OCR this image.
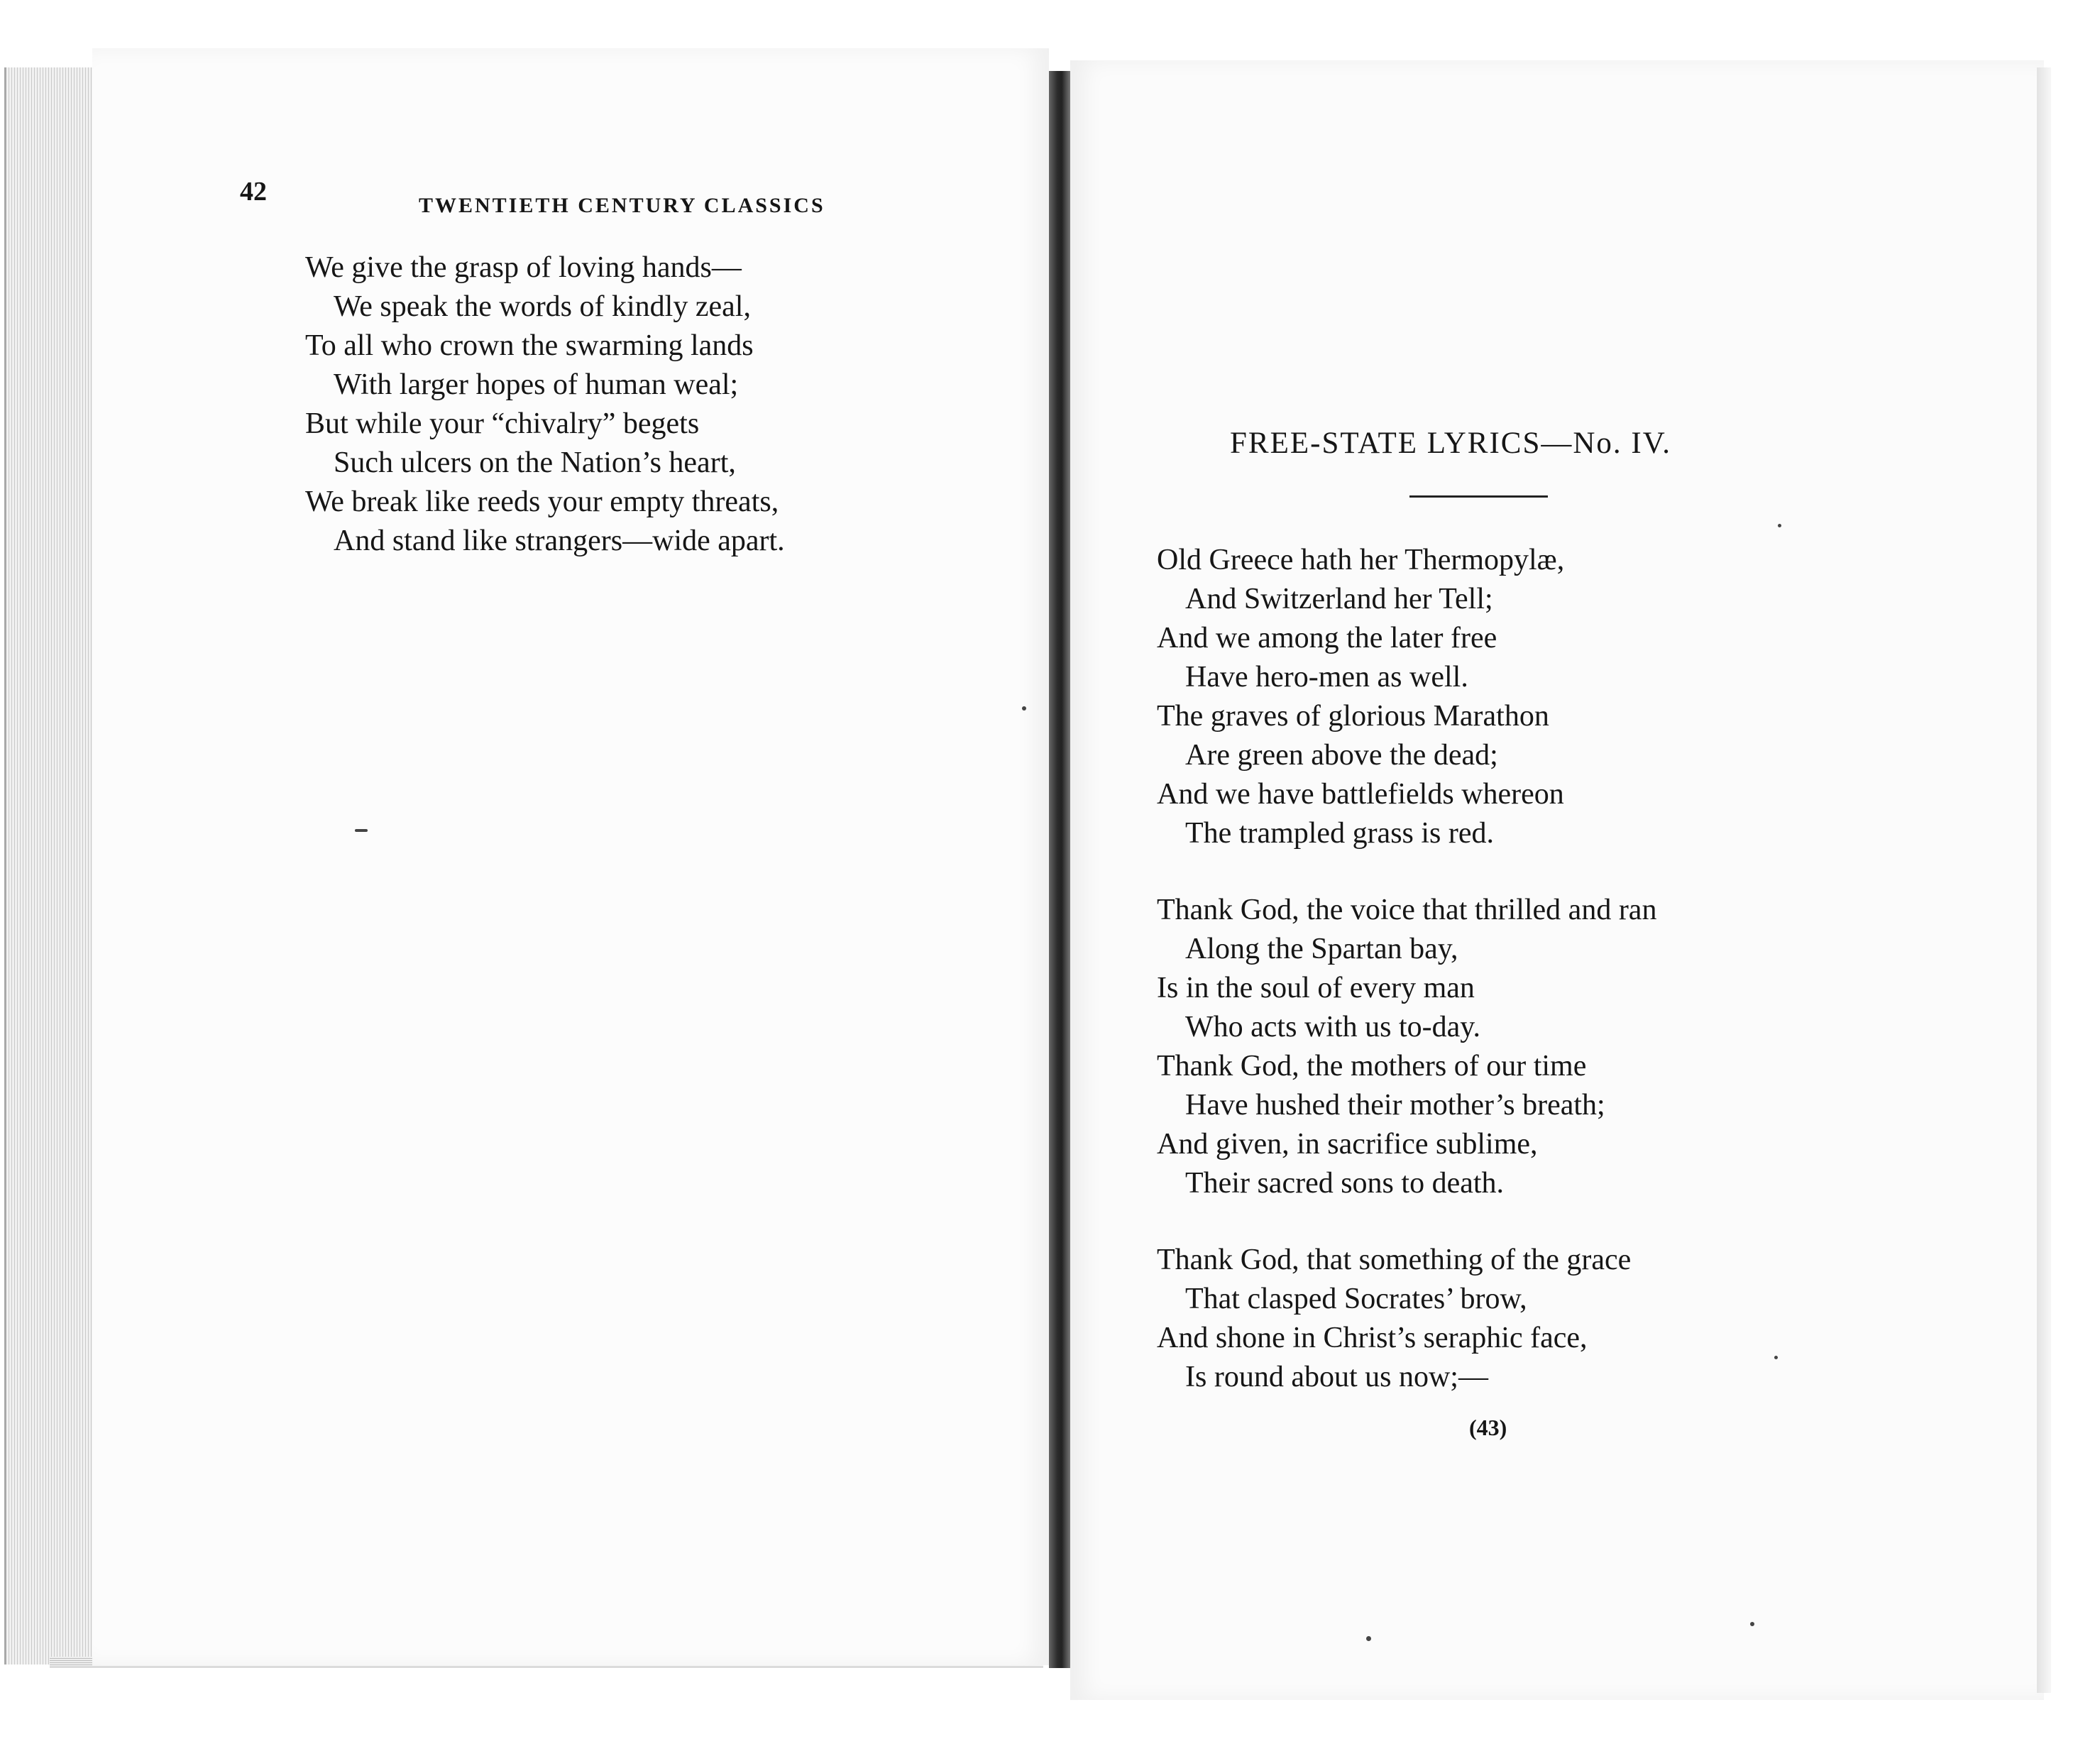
42	TWENTIETH CENTURY CLASSICS
We give the grasp of loving hands—
We speak the words of kindly zeal,
To all who crown the swarming lands
With larger hopes of human weal;
But while your “chivalry” begets
Such ulcers on the Nation’s heart,
We break like reeds your empty threats,
And stand like strangers—wide apart.
FREE-STATE LYRICS—No. IV.
Old Greece hath her Thermopylæ,
And Switzerland her Tell;
And we among the later free
Have hero-men as well.
The graves of glorious Marathon
Are green above the dead;
And we have battlefields whereon
The trampled grass is red.
Thank God, the voice that thrilled and ran
Along the Spartan bay,
Is in the soul of every man
Who acts with us to-day.
Thank God, the mothers of our time
Have hushed their mother’s breath;
And given, in sacrifice sublime,
Their sacred sons to death.
Thank God, that something of the grace
That clasped Socrates’ brow,
And shone in Christ’s seraphic face,
Is round about us now;—
(43)
